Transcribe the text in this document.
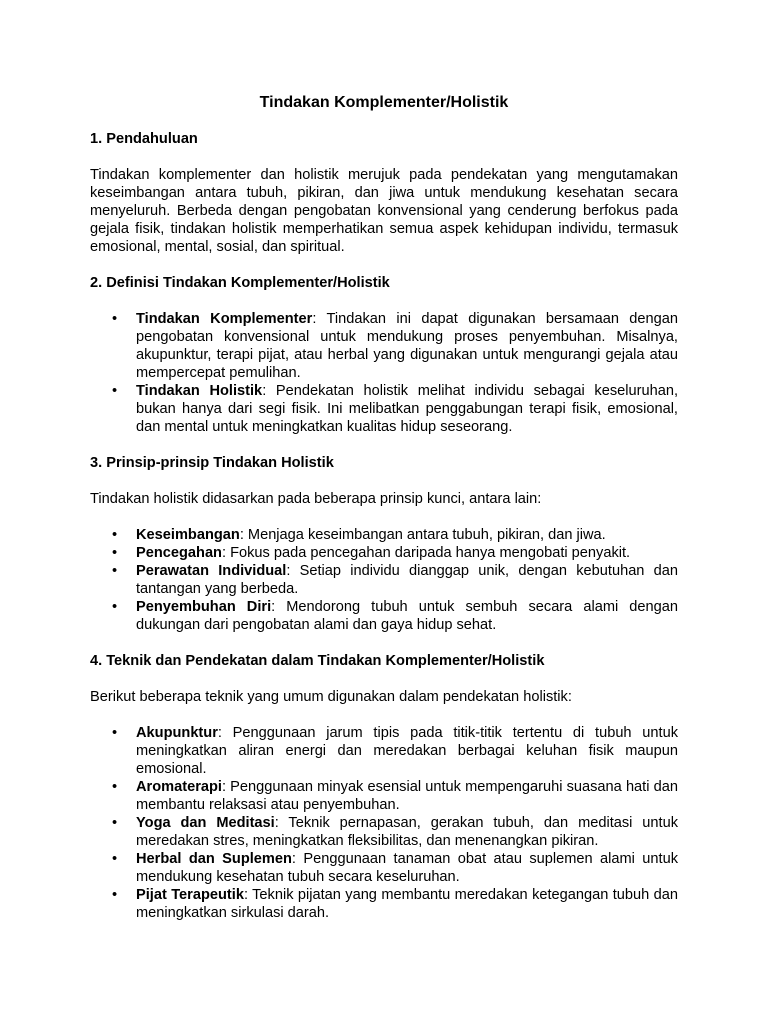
Tindakan Komplementer/Holistik
1. Pendahuluan
Tindakan komplementer dan holistik merujuk pada pendekatan yang mengutamakan keseimbangan antara tubuh, pikiran, dan jiwa untuk mendukung kesehatan secara menyeluruh. Berbeda dengan pengobatan konvensional yang cenderung berfokus pada gejala fisik, tindakan holistik memperhatikan semua aspek kehidupan individu, termasuk emosional, mental, sosial, dan spiritual.
2. Definisi Tindakan Komplementer/Holistik
• Tindakan Komplementer: Tindakan ini dapat digunakan bersamaan dengan pengobatan konvensional untuk mendukung proses penyembuhan. Misalnya, akupunktur, terapi pijat, atau herbal yang digunakan untuk mengurangi gejala atau mempercepat pemulihan.
• Tindakan Holistik: Pendekatan holistik melihat individu sebagai keseluruhan, bukan hanya dari segi fisik. Ini melibatkan penggabungan terapi fisik, emosional, dan mental untuk meningkatkan kualitas hidup seseorang.
3. Prinsip-prinsip Tindakan Holistik
Tindakan holistik didasarkan pada beberapa prinsip kunci, antara lain:
• Keseimbangan: Menjaga keseimbangan antara tubuh, pikiran, dan jiwa.
• Pencegahan: Fokus pada pencegahan daripada hanya mengobati penyakit.
• Perawatan Individual: Setiap individu dianggap unik, dengan kebutuhan dan tantangan yang berbeda.
• Penyembuhan Diri: Mendorong tubuh untuk sembuh secara alami dengan dukungan dari pengobatan alami dan gaya hidup sehat.
4. Teknik dan Pendekatan dalam Tindakan Komplementer/Holistik
Berikut beberapa teknik yang umum digunakan dalam pendekatan holistik:
• Akupunktur: Penggunaan jarum tipis pada titik-titik tertentu di tubuh untuk meningkatkan aliran energi dan meredakan berbagai keluhan fisik maupun emosional.
• Aromaterapi: Penggunaan minyak esensial untuk mempengaruhi suasana hati dan membantu relaksasi atau penyembuhan.
• Yoga dan Meditasi: Teknik pernapasan, gerakan tubuh, dan meditasi untuk meredakan stres, meningkatkan fleksibilitas, dan menenangkan pikiran.
• Herbal dan Suplemen: Penggunaan tanaman obat atau suplemen alami untuk mendukung kesehatan tubuh secara keseluruhan.
• Pijat Terapeutik: Teknik pijatan yang membantu meredakan ketegangan tubuh dan meningkatkan sirkulasi darah.
